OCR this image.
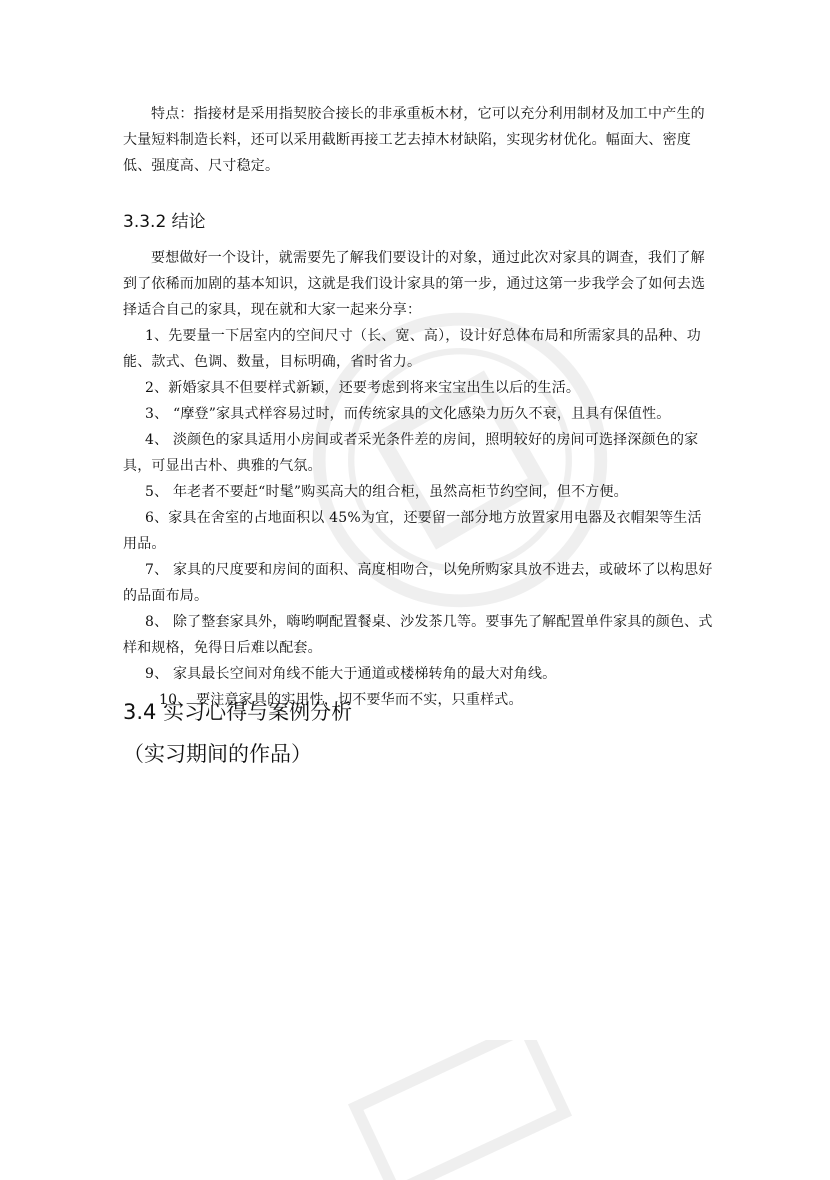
特点：指接材是采用指契胶合接长的非承重板木材，它可以充分利用制材及加工中产生的大量短料制造长料，还可以采用截断再接工艺去掉木材缺陷，实现劣材优化。幅面大、密度低、强度高、尺寸稳定。

3.3.2 结论

要想做好一个设计，就需要先了解我们要设计的对象，通过此次对家具的调查，我们了解到了依稀而加剧的基本知识，这就是我们设计家具的第一步，通过这第一步我学会了如何去选择适合自己的家具，现在就和大家一起来分享：

1、先要量一下居室内的空间尺寸（长、宽、高），设计好总体布局和所需家具的品种、功能、款式、色调、数量，目标明确，省时省力。

2、新婚家具不但要样式新颖，还要考虑到将来宝宝出生以后的生活。

3、 “摩登”家具式样容易过时，而传统家具的文化感染力历久不衰，且具有保值性。

4、 淡颜色的家具适用小房间或者采光条件差的房间，照明较好的房间可选择深颜色的家具，可显出古朴、典雅的气氛。

5、 年老者不要赶“时髦”购买高大的组合柜，虽然高柜节约空间，但不方便。

6、家具在舍室的占地面积以 45%为宜，还要留一部分地方放置家用电器及衣帽架等生活用品。

7、 家具的尺度要和房间的面积、高度相吻合，以免所购家具放不进去，或破坏了以构思好的品面布局。

8、 除了整套家具外，嗨哟啊配置餐桌、沙发茶几等。要事先了解配置单件家具的颜色、式样和规格，免得日后难以配套。

9、 家具最长空间对角线不能大于通道或楼梯转角的最大对角线。

10、 要注意家具的实用性，切不要华而不实，只重样式。

3.4 实习心得与案例分析
（实习期间的作品）
